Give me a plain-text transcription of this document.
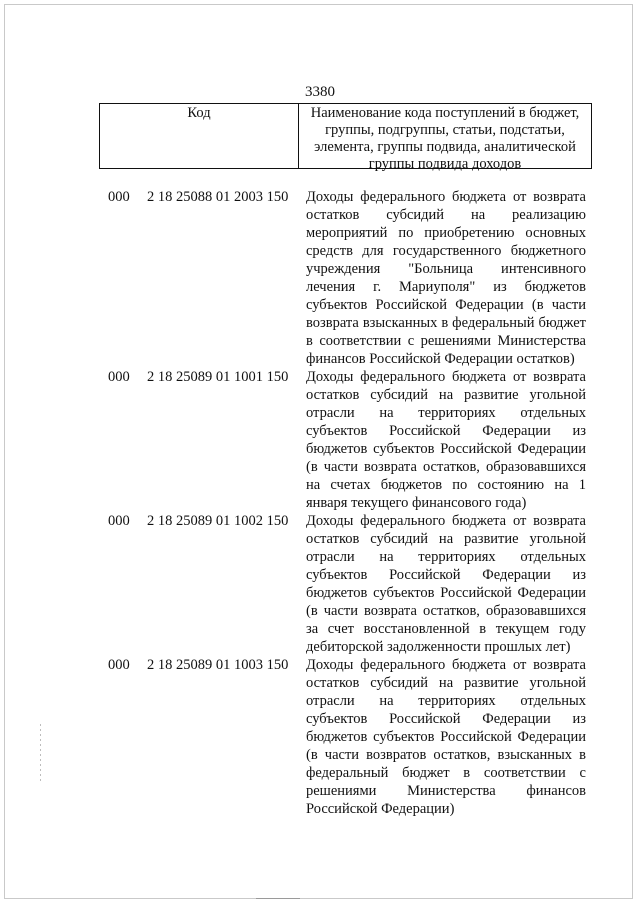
3380
Код	Наименование кода поступлений в бюджет, группы, подгруппы, статьи, подстатьи, элемента, группы подвида, аналитической группы подвида доходов
000 2 18 25088 01 2003 150 Доходы федерального бюджета от возврата остатков субсидий на реализацию мероприятий по приобретению основных средств для государственного бюджетного учреждения "Больница интенсивного лечения г. Мариуполя" из бюджетов субъектов Российской Федерации (в части возврата взысканных в федеральный бюджет в соответствии с решениями Министерства финансов Российской Федерации остатков)
000 2 18 25089 01 1001 150 Доходы федерального бюджета от возврата остатков субсидий на развитие угольной отрасли на территориях отдельных субъектов Российской Федерации из бюджетов субъектов Российской Федерации (в части возврата остатков, образовавшихся на счетах бюджетов по состоянию на 1 января текущего финансового года)
000 2 18 25089 01 1002 150 Доходы федерального бюджета от возврата остатков субсидий на развитие угольной отрасли на территориях отдельных субъектов Российской Федерации из бюджетов субъектов Российской Федерации (в части возврата остатков, образовавшихся за счет восстановленной в текущем году дебиторской задолженности прошлых лет)
000 2 18 25089 01 1003 150 Доходы федерального бюджета от возврата остатков субсидий на развитие угольной отрасли на территориях отдельных субъектов Российской Федерации из бюджетов субъектов Российской Федерации (в части возвратов остатков, взысканных в федеральный бюджет в соответствии с решениями Министерства финансов Российской Федерации)
